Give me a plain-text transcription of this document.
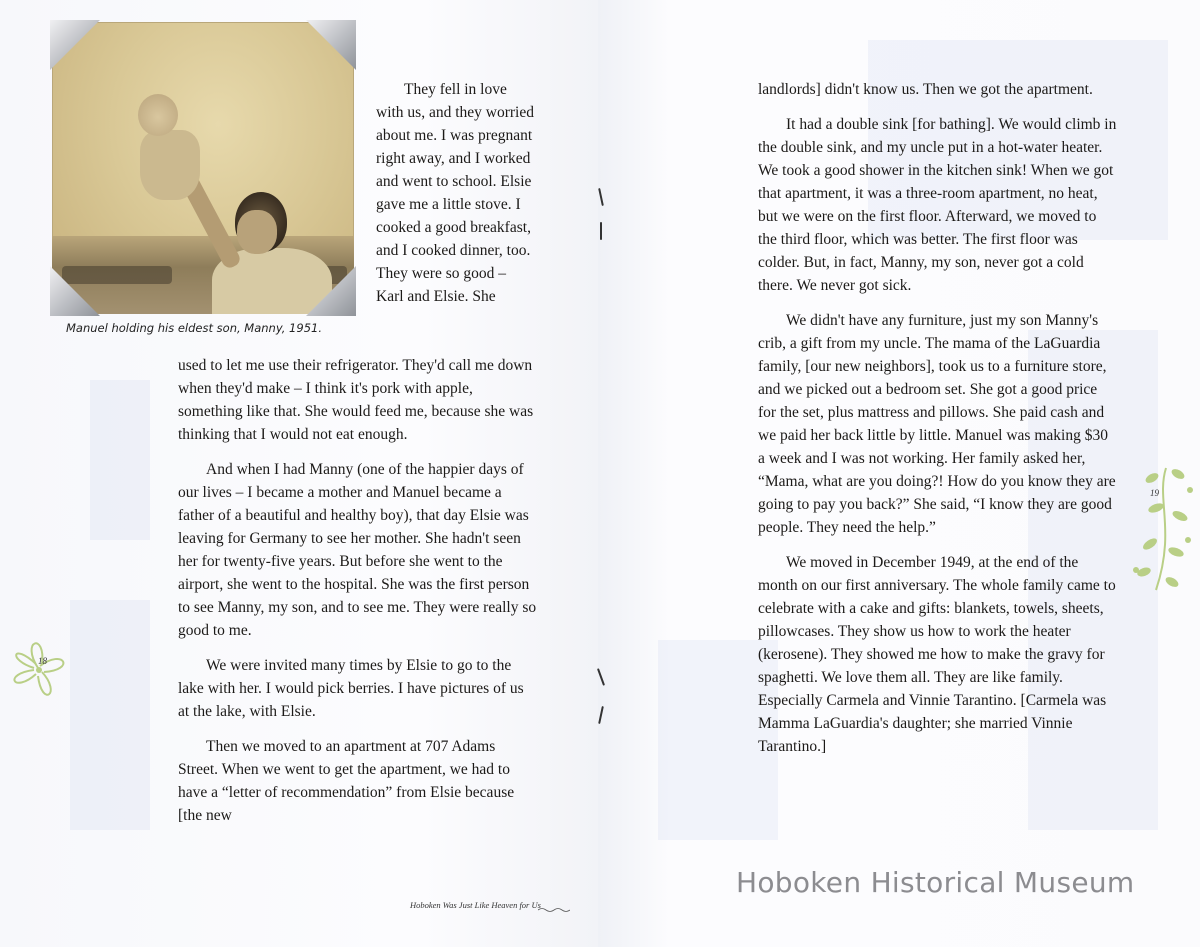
Manuel holding his eldest son, Manny, 1951.

They fell in love with us, and they worried about me. I was pregnant right away, and I worked and went to school. Elsie gave me a little stove. I cooked a good breakfast, and I cooked dinner, too. They were so good – Karl and Elsie. She

used to let me use their refrigerator. They'd call me down when they'd make – I think it's pork with apple, something like that. She would feed me, because she was thinking that I would not eat enough.

And when I had Manny (one of the happier days of our lives – I became a mother and Manuel became a father of a beautiful and healthy boy), that day Elsie was leaving for Germany to see her mother. She hadn't seen her for twenty-five years. But before she went to the airport, she went to the hospital. She was the first person to see Manny, my son, and to see me. They were really so good to me.

We were invited many times by Elsie to go to the lake with her. I would pick berries. I have pictures of us at the lake, with Elsie.

Then we moved to an apartment at 707 Adams Street. When we went to get the apartment, we had to have a “letter of recommendation” from Elsie because [the new

18
Hoboken Was Just Like Heaven for Us

landlords] didn't know us. Then we got the apartment.

It had a double sink [for bathing]. We would climb in the double sink, and my uncle put in a hot-water heater. We took a good shower in the kitchen sink! When we got that apartment, it was a three-room apartment, no heat, but we were on the first floor. Afterward, we moved to the third floor, which was better. The first floor was colder. But, in fact, Manny, my son, never got a cold there. We never got sick.

We didn't have any furniture, just my son Manny's crib, a gift from my uncle. The mama of the LaGuardia family, [our new neighbors], took us to a furniture store, and we picked out a bedroom set. She got a good price for the set, plus mattress and pillows. She paid cash and we paid her back little by little. Manuel was making $30 a week and I was not working. Her family asked her, “Mama, what are you doing?! How do you know they are going to pay you back?” She said, “I know they are good people. They need the help.”

We moved in December 1949, at the end of the month on our first anniversary. The whole family came to celebrate with a cake and gifts: blankets, towels, sheets, pillowcases. They show us how to work the heater (kerosene). They showed me how to make the gravy for spaghetti. We love them all. They are like family. Especially Carmela and Vinnie Tarantino. [Carmela was Mamma LaGuardia's daughter; she married Vinnie Tarantino.]

19
Hoboken Historical Museum
